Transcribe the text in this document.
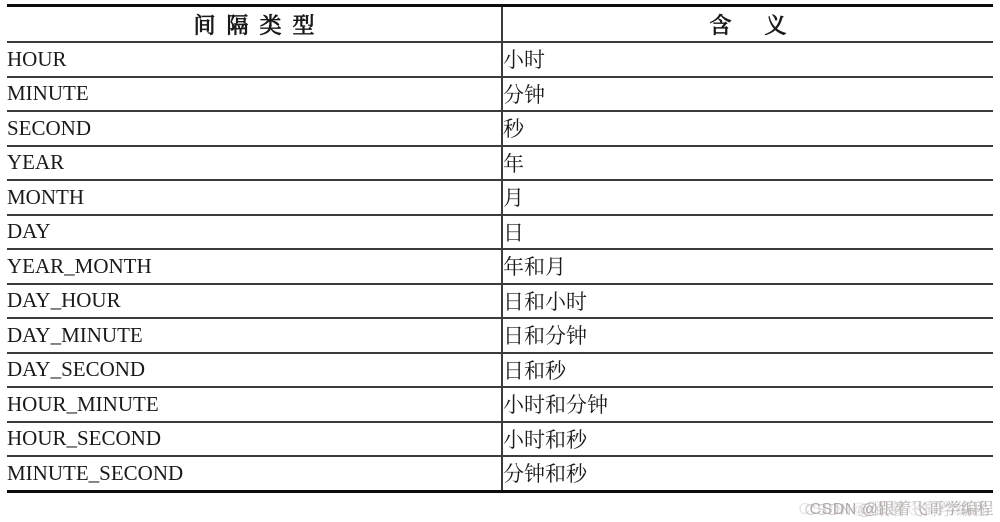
间隔类型	含义
HOUR	小时
MINUTE	分钟
SECOND	秒
YEAR	年
MONTH	月
DAY	日
YEAR_MONTH	年和月
DAY_HOUR	日和小时
DAY_MINUTE	日和分钟
DAY_SECOND	日和秒
HOUR_MINUTE	小时和分钟
HOUR_SECOND	小时和秒
MINUTE_SECOND	分钟和秒
CSDN @跟着飞哥学编程
